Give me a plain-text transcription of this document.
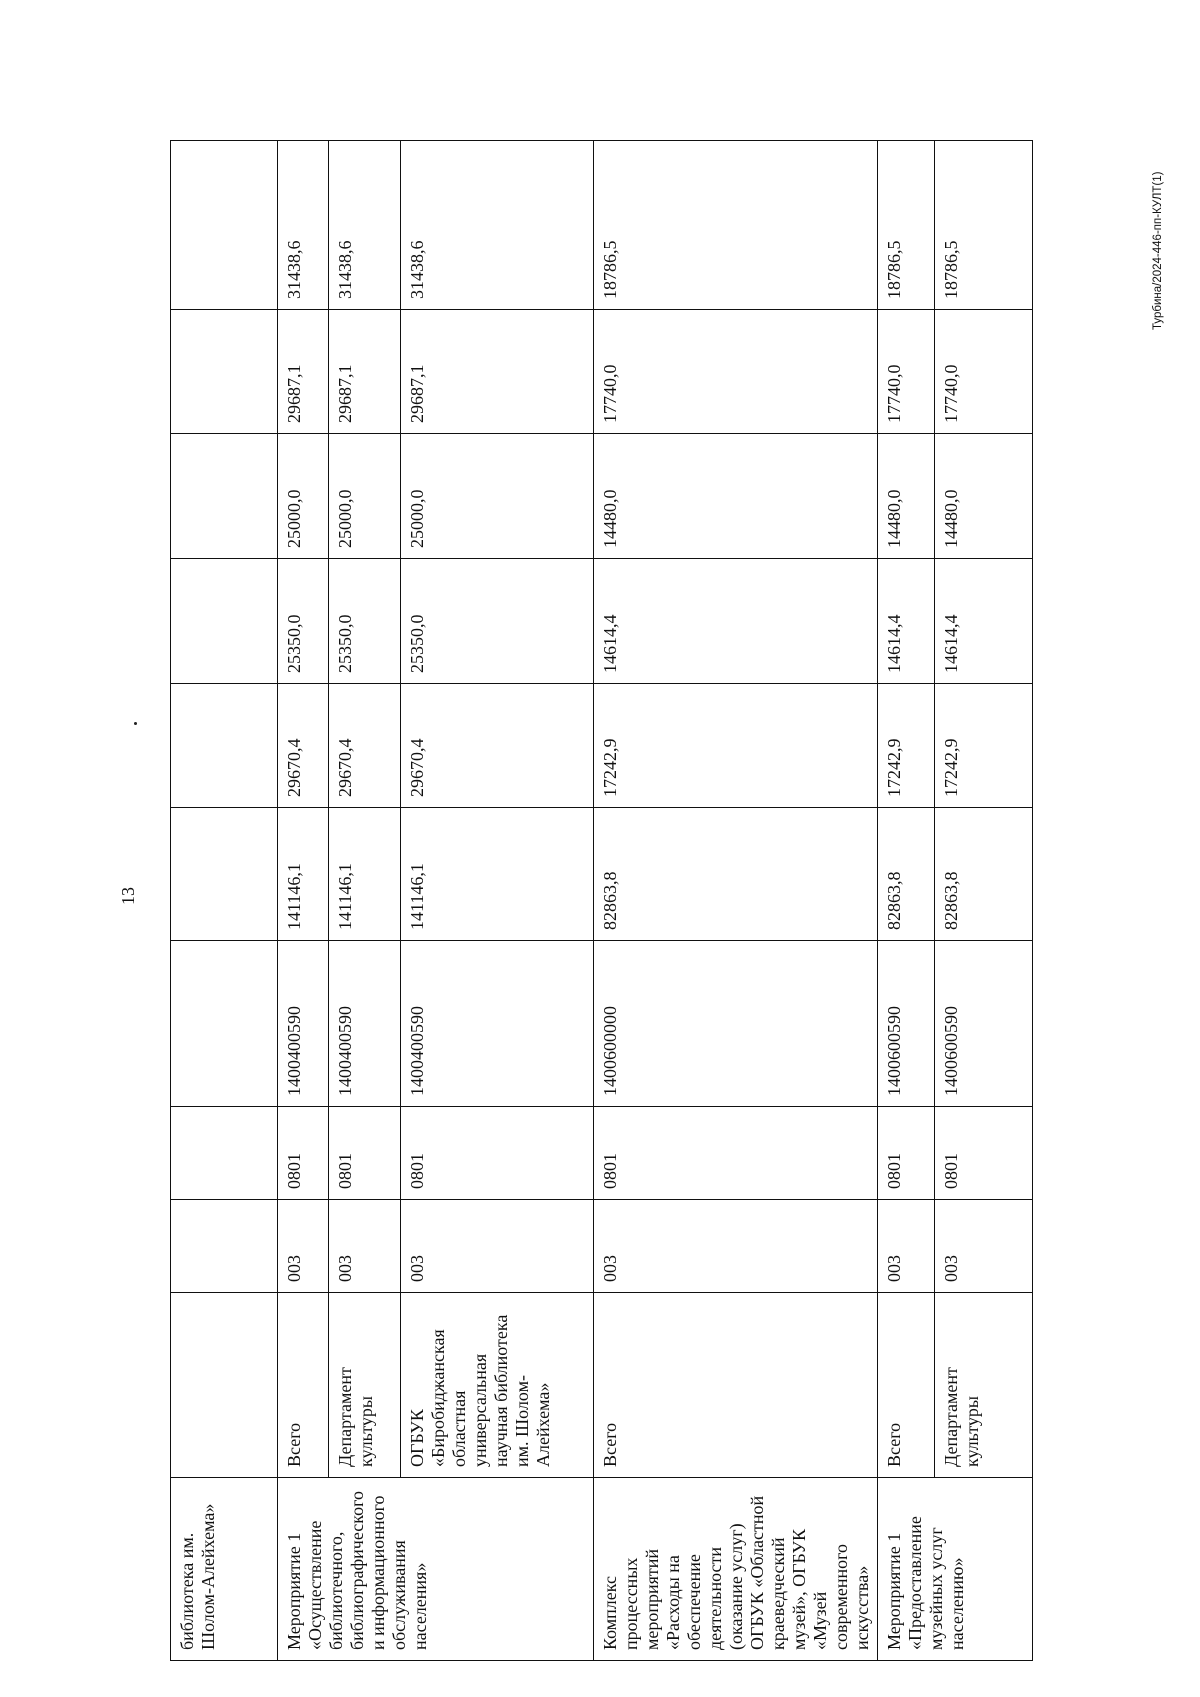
13
Турбина/2024-446-пп-КУЛТ(1)
библиотека им. Шолом-Алейхема»										
Мероприятие 1 «Осуществление библиотечного, библиографического и информационного обслуживания населения»	Всего	003	0801	1400400590	141146,1	29670,4	25350,0	25000,0	29687,1	31438,6
	Департамент культуры	003	0801	1400400590	141146,1	29670,4	25350,0	25000,0	29687,1	31438,6
	ОГБУК «Биробиджанская областная универсальная научная библиотека им. Шолом-Алейхема»	003	0801	1400400590	141146,1	29670,4	25350,0	25000,0	29687,1	31438,6
Комплекс процессных мероприятий «Расходы на обеспечение деятельности (оказание услуг) ОГБУК «Областной краеведческий музей», ОГБУК «Музей современного искусства»	Всего	003	0801	1400600000	82863,8	17242,9	14614,4	14480,0	17740,0	18786,5
Мероприятие 1 «Предоставление музейных услуг населению»	Всего	003	0801	1400600590	82863,8	17242,9	14614,4	14480,0	17740,0	18786,5
	Департамент культуры	003	0801	1400600590	82863,8	17242,9	14614,4	14480,0	17740,0	18786,5
